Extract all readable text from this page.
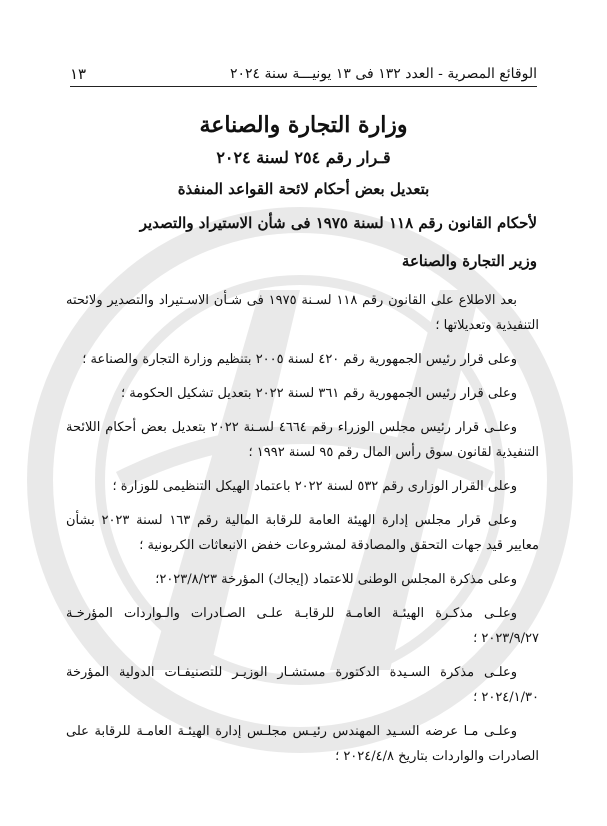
الوقائع المصرية - العدد ١٣٢ فى ١٣ يونيـــة سنة ٢٠٢٤
١٣
وزارة التجارة والصناعة
قـرار رقم ٢٥٤ لسنة ٢٠٢٤
بتعديل بعض أحكام لائحة القواعد المنفذة
لأحكام القانون رقم ١١٨ لسنة ١٩٧٥ فى شأن الاستيراد والتصدير
وزير التجارة والصناعة

بعد الاطلاع على القانون رقم ١١٨ لسـنة ١٩٧٥ فى شـأن الاسـتيراد والتصدير ولائحته التنفيذية وتعديلاتها ؛

وعلى قرار رئيس الجمهورية رقم ٤٢٠ لسنة ٢٠٠٥ بتنظيم وزارة التجارة والصناعة ؛

وعلى قرار رئيس الجمهورية رقم ٣٦١ لسنة ٢٠٢٢ بتعديل تشكيل الحكومة ؛

وعلـى قرار رئيس مجلس الوزراء رقم ٤٦٦٤ لسـنة ٢٠٢٢ بتعديل بعض أحكام اللائحة التنفيذية لقانون سوق رأس المال رقم ٩٥ لسنة ١٩٩٢ ؛

وعلى القرار الوزارى رقم ٥٣٢ لسنة ٢٠٢٢ باعتماد الهيكل التنظيمى للوزارة ؛

وعلى قرار مجلس إدارة الهيئة العامة للرقابة المالية رقم ١٦٣ لسنة ٢٠٢٣ بشأن معايير قيد جهات التحقق والمصادقة لمشروعات خفض الانبعاثات الكربونية ؛

وعلى مذكرة المجلس الوطنى للاعتماد (إيجاك) المؤرخة ٢٠٢٣/٨/٢٣؛

وعلـى مذكـرة الهيئـة العامـة للرقابـة علـى الصـادرات والـواردات المؤرخـة ٢٠٢٣/٩/٢٧ ؛

وعلـى مذكرة السـيدة الدكتورة مستشـار الوزيـر للتصنيفـات الدولية المؤرخة ٢٠٢٤/١/٣٠ ؛

وعلـى مـا عرضه السـيد المهندس رئيـس مجلـس إدارة الهيئـة العامـة للرقابة على الصادرات والواردات بتاريخ ٢٠٢٤/٤/٨ ؛
